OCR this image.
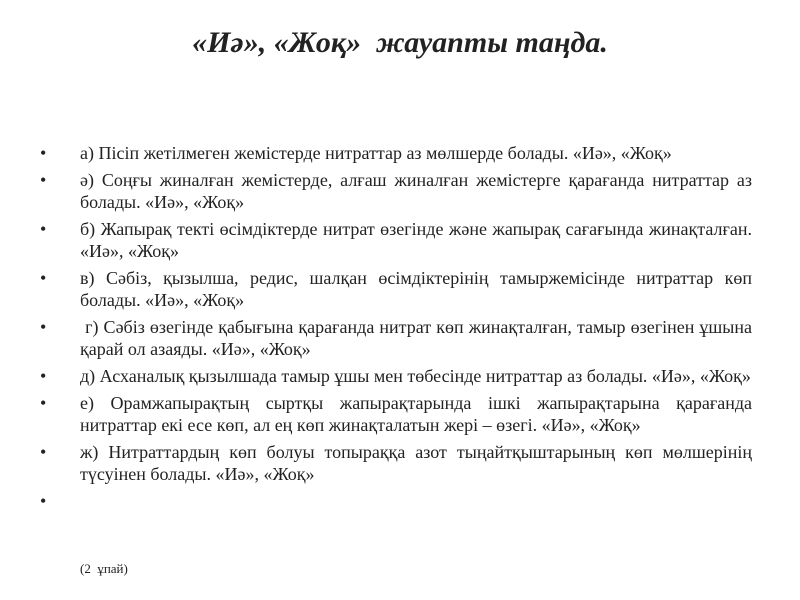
«Иә», «Жоқ»  жауапты таңда.
• а) Пісіп жетілмеген жемістерде нитраттар аз мөлшерде болады. «Иә», «Жоқ»
• ә) Соңғы жиналған жемістерде, алғаш жиналған жемістерге қарағанда нитраттар аз болады. «Иә», «Жоқ»
• б) Жапырақ текті өсімдіктерде нитрат өзегінде және жапырақ сағағында жинақталған. «Иә», «Жоқ»
• в) Сәбіз, қызылша, редис, шалқан өсімдіктерінің тамыржемісінде нитраттар көп болады. «Иә», «Жоқ»
• г) Сәбіз өзегінде қабығына қарағанда нитрат көп жинақталған, тамыр өзегінен ұшына қарай ол азаяды. «Иә», «Жоқ»
• д) Асханалық қызылшада тамыр ұшы мен төбесінде нитраттар аз болады. «Иә», «Жоқ»
• е) Орамжапырақтың сыртқы жапырақтарында ішкі жапырақтарына қарағанда нитраттар екі есе көп, ал ең көп жинақталатын жері – өзегі. «Иә», «Жоқ»
• ж) Нитраттардың көп болуы топыраққа азот тыңайтқыштарының көп мөлшерінің түсуінен болады. «Иә», «Жоқ»
•

(2  ұпай)
